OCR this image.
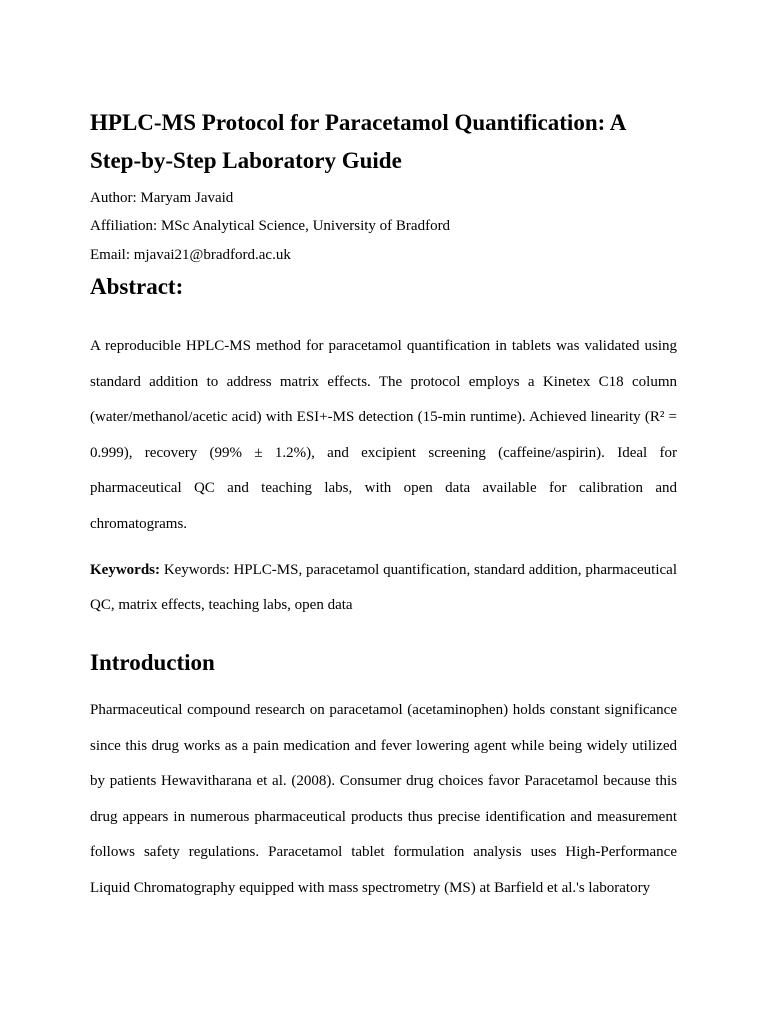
HPLC-MS Protocol for Paracetamol Quantification: A Step-by-Step Laboratory Guide
Author: Maryam Javaid
Affiliation: MSc Analytical Science, University of Bradford
Email: mjavai21@bradford.ac.uk
Abstract:

A reproducible HPLC-MS method for paracetamol quantification in tablets was validated using standard addition to address matrix effects. The protocol employs a Kinetex C18 column (water/methanol/acetic acid) with ESI+-MS detection (15-min runtime). Achieved linearity (R² = 0.999), recovery (99% ± 1.2%), and excipient screening (caffeine/aspirin). Ideal for pharmaceutical QC and teaching labs, with open data available for calibration and chromatograms.

Keywords: Keywords: HPLC-MS, paracetamol quantification, standard addition, pharmaceutical QC, matrix effects, teaching labs, open data

Introduction

Pharmaceutical compound research on paracetamol (acetaminophen) holds constant significance since this drug works as a pain medication and fever lowering agent while being widely utilized by patients Hewavitharana et al. (2008). Consumer drug choices favor Paracetamol because this drug appears in numerous pharmaceutical products thus precise identification and measurement follows safety regulations. Paracetamol tablet formulation analysis uses High-Performance Liquid Chromatography equipped with mass spectrometry (MS) at Barfield et al.'s laboratory
